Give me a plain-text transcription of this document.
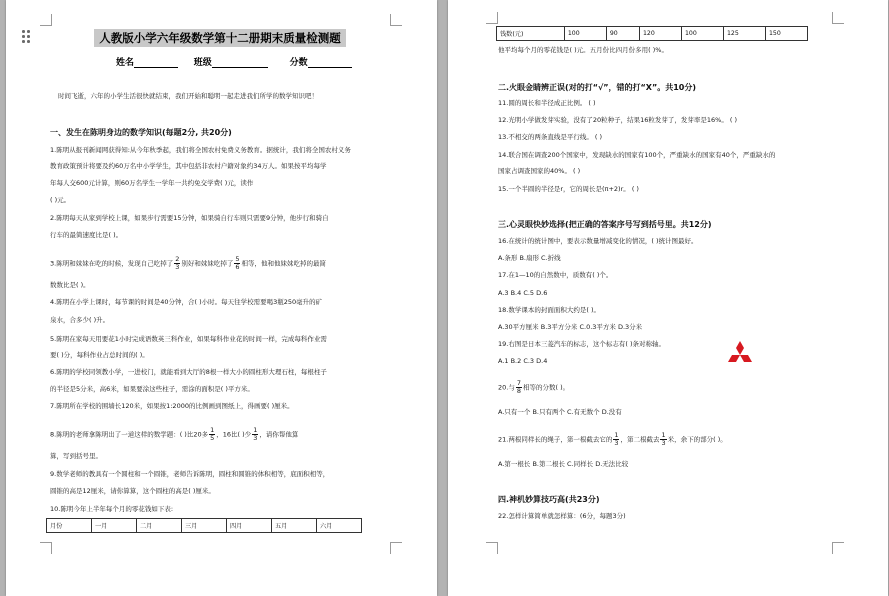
人教版小学六年级数学第十二册期末质量检测题
姓名	班级	分数
时间飞逝，六年的小学生活很快就结束，我们开始和聪明一起走进我们所学的数学知识吧！
一、发生在陈明身边的数学知识(每题2分, 共20分)
1.陈明从报刊新闻网获得知:从今年秋季起，我们将全国农村免费义务教育。据统计，我们将全国农村义务
教育政策预计将要及约60万名中小学学生，其中包括非农村户籍对象约34万人。如果按平均每学
年每人交600元计算，则60万名学生一学年一共约免交学费( )元，读作
( )元。
2.陈明每天从家到学校上课，如果步行需要15分钟，如果骑自行车则只需要9分钟，他步行和骑自
行车的最简速度比是( )。
3.陈明和妹妹在吃的时候，发现自己吃掉了 $\frac{2}{3}$ 别好和妹妹吃掉了 $\frac{5}{6}$ 相等，他和他妹妹吃掉的最简
数数比是( )。
4.陈明在小学上课时，每节课的时间是40分钟，合( )小时。每天往学校需要喝3瓶250毫升的矿
泉水，合多少( )升。
5.陈明在家每天用要花1小时完成语数英三科作业，如果每科作业花的时间一样，完成每科作业需
要( )分，每科作业占总时间的( )。
6.陈明的学校同领教小学，一进校门，就能看到大厅的8根一样大小的圆柱形大理石柱，每根柱子
的半径是5分米，高6米，如果要涂这些柱子，需涂的面积是( )平方米。
7.陈明所在学校的围墙长120米，如果按1:2000的比例画到图纸上，得画要( )厘米。
8.陈明的老师拿陈明出了一道这样的数学题：( )比20多 $\frac{1}{5}$ ，16比( )少 $\frac{1}{3}$ ，请你帮他算
算，写到括号里。
9.数学老师的教具有一个圆柱和一个圆锥，老师告诉陈明，圆柱和圆锥的体积相等，底面积相等，
圆锥的高是12厘米，请你算算，这个圆柱的高是( )厘米。
10.陈明今年上半年每个月的零花钱如下表:
月份	一月	二月	三月	四月	五月	六月
钱数(元)	100	90	120	100	125	150
他平均每个月的零花钱是( )元。五月份比四月份多用( )%。
二.火眼金睛辨正误(对的打“√”，错的打“X”。共10分)
11.圆的周长和半径成正比例。 ( )
12.光明小学做发芽实验，没有了20粒种子，结果16粒发芽了，发芽率是16%。 ( )
13.不相交的两条直线是平行线。 ( )
14.联合国在调查200个国家中，发现缺水的国家有100个，严重缺水的国家有40个，严重缺水的
国家占调查国家的40%。 ( )
15.一个半圆的半径是r，它的周长是(π+2)r。 ( )
三.心灵眼快妙选择(把正确的答案序号写到括号里。共12分)
16.在统计的统计图中，要表示数量增减变化的情况，( )统计图最好。
A.条形 B.扇形 C.折线
17.在1—10的自然数中，质数有( )个。
A.3 B.4 C.5 D.6
18.数学课本的封面面积大约是( )。
A.30平方厘米 B.3平方分米 C.0.3平方米 D.3分米
19.右图是日本三菱汽车的标志，这个标志有( )条对称轴。
A.1 B.2 C.3 D.4
20.与 $\frac{7}{8}$ 相等的分数( )。
A.只有一个 B.只有两个 C.有无数个 D.没有
21.两根同样长的绳子，第一根截去它的 $\frac{1}{3}$ ，第二根截去 $\frac{1}{3}$ 米，余下的部分( )。
A.第一根长 B.第二根长 C.同样长 D.无法比较
四.神机妙算技巧高(共23分)
22.怎样计算简单就怎样算：(6分，每题3分)
